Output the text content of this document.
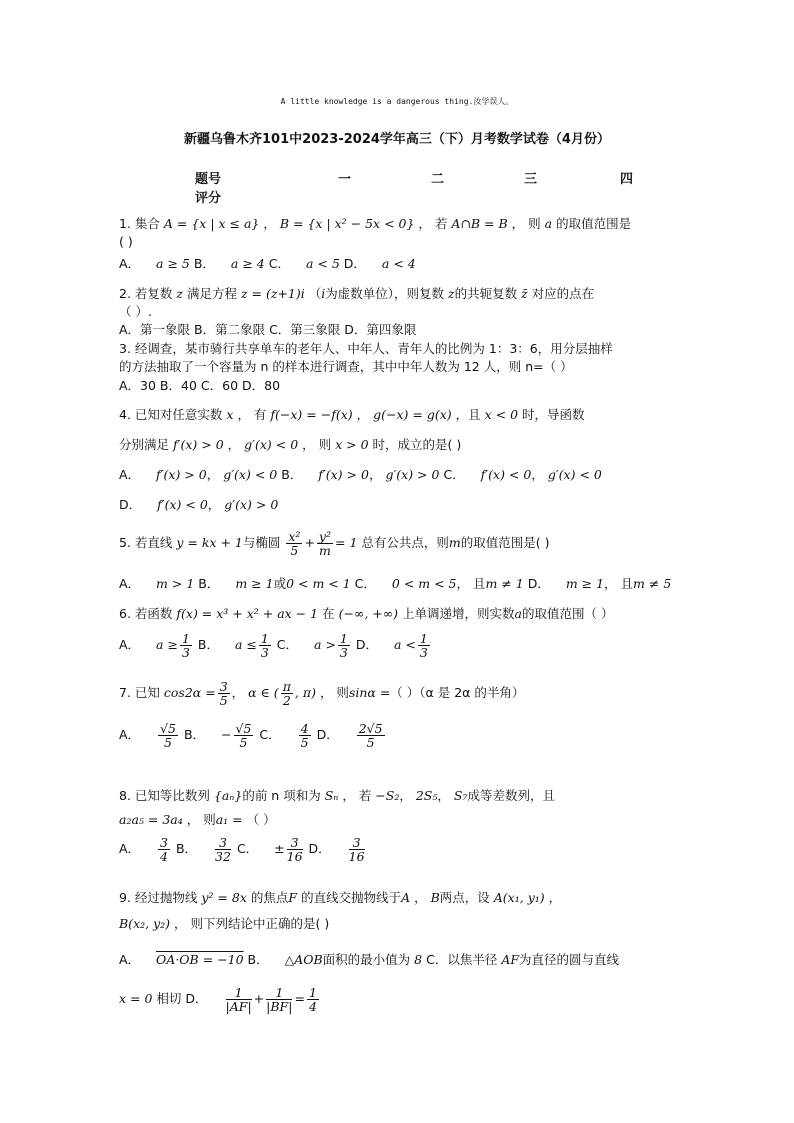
A little knowledge is a dangerous thing.汝学误人。
新疆乌鲁木齐101中2023-2024学年高三（下）月考数学试卷（4月份）
题号	一	二	三	四
评分
1. 集合 A = {x | x ≤ a} ， B = {x | x² − 5x < 0} ， 若 A∩B = B ， 则 a 的取值范围是
( )
A． a ≥ 5 B． a ≥ 4 C． a < 5 D． a < 4
2. 若复数 z 满足方程 z = (z+1)i （i为虚数单位），则复数 z的共轭复数 z̄ 对应的点在
（ ）.
A．第一象限 B．第二象限 C．第三象限 D．第四象限
3. 经调查，某市骑行共享单车的老年人、中年人、青年人的比例为 1：3：6，用分层抽样
的方法抽取了一个容量为 n 的样本进行调查，其中中年人数为 12 人，则 n=（ ）
A．30 B．40 C．60 D．80
4. 已知对任意实数 x ， 有 f(−x) = −f(x) ， g(−x) = g(x) ，且 x < 0 时，导函数
分别满足 f′(x) > 0 ， g′(x) < 0 ， 则 x > 0 时，成立的是( )
A． f′(x) > 0， g′(x) < 0 B． f′(x) > 0， g′(x) > 0 C． f′(x) < 0， g′(x) < 0
D． f′(x) < 0， g′(x) > 0
5. 若直线 y = kx + 1与椭圆 $\frac{\text{x²}}{5} + \frac{\text{y²}}{m} = 1$ 总有公共点，则m的取值范围是( )
A． m > 1 B． m ≥ 1或0 < m < 1 C． 0 < m < 5， 且m ≠ 1 D． m ≥ 1， 且m ≠ 5
6. 若函数 f(x) = x³ + x² + ax − 1 在 (−∞, +∞) 上单调递增，则实数a的取值范围（ ）
A． $a \ge \frac{1}{3}$ B． $a \le \frac{1}{3}$ C． $a > \frac{1}{3}$ D． $a < \frac{1}{3}$
7. 已知 $\cos 2\alpha = \frac{3}{5}$ ， α ∈ ( $\frac{\pi}{2}$ , π) ， 则sinα =（ ）（α 是 2α 的半角）
A． $\frac{√5}{5}$ B． − $\frac{√5}{5}$ C． $\frac{4}{5}$ D． $\frac{2√5}{5}$
8. 已知等比数列 {aₙ}的前 n 项和为 Sₙ ， 若 −S₂， 2S₅， S₇成等差数列，且
a₂a₅ = 3a₄ ， 则a₁ = （ ）
A． $\frac{3}{4}$ B． $\frac{3}{32}$ C． ± $\frac{3}{16}$ D． $\frac{3}{16}$
9. 经过抛物线 y² = 8x 的焦点F 的直线交抛物线于A ， B两点，设 A(x₁, y₁) ，
B(x₂, y₂) ， 则下列结论中正确的是( )
A． OA·OB = −10 B． △AOB面积的最小值为 8 C．以焦半径 AF为直径的圆与直线
x = 0 相切 D． $\frac{1}{|AF|} + \frac{1}{|BF|} = \frac{1}{4}$
